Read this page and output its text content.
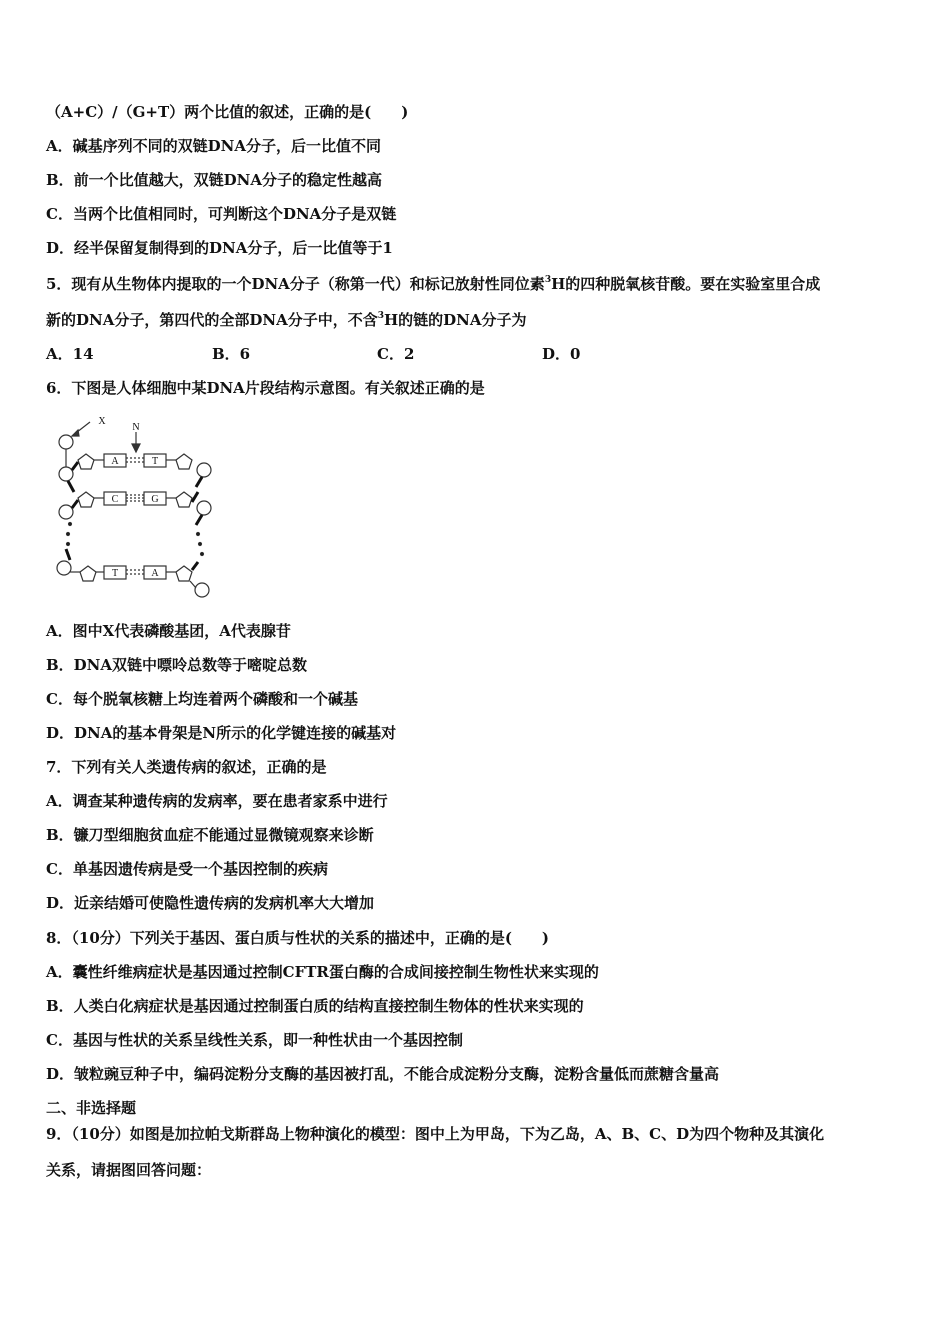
（A+C）/（G+T）两个比值的叙述，正确的是(　　)
A．碱基序列不同的双链DNA分子，后一比值不同
B．前一个比值越大，双链DNA分子的稳定性越高
C．当两个比值相同时，可判断这个DNA分子是双链
D．经半保留复制得到的DNA分子，后一比值等于1
5．现有从生物体内提取的一个DNA分子（称第一代）和标记放射性同位素$^3$H的四种脱氧核苷酸。要在实验室里合成
新的DNA分子，第四代的全部DNA分子中，不含$^3$H的链的DNA分子为
A．14	B．6	C．2	D．0
6．下图是人体细胞中某DNA片段结构示意图。有关叙述正确的是
X
N
A	T
C	G
T	A
A．图中X代表磷酸基团，A代表腺苷
B．DNA双链中嘌呤总数等于嘧啶总数
C．每个脱氧核糖上均连着两个磷酸和一个碱基
D．DNA的基本骨架是N所示的化学键连接的碱基对
7．下列有关人类遗传病的叙述，正确的是
A．调查某种遗传病的发病率，要在患者家系中进行
B．镰刀型细胞贫血症不能通过显微镜观察来诊断
C．单基因遗传病是受一个基因控制的疾病
D．近亲结婚可使隐性遗传病的发病机率大大增加
8．（10分）下列关于基因、蛋白质与性状的关系的描述中，正确的是(　　)
A．囊性纤维病症状是基因通过控制CFTR蛋白酶的合成间接控制生物性状来实现的
B．人类白化病症状是基因通过控制蛋白质的结构直接控制生物体的性状来实现的
C．基因与性状的关系呈线性关系，即一种性状由一个基因控制
D．皱粒豌豆种子中，编码淀粉分支酶的基因被打乱，不能合成淀粉分支酶，淀粉含量低而蔗糖含量高
二、非选择题
9．（10分）如图是加拉帕戈斯群岛上物种演化的模型：图中上为甲岛，下为乙岛，A、B、C、D为四个物种及其演化
关系，请据图回答问题：
